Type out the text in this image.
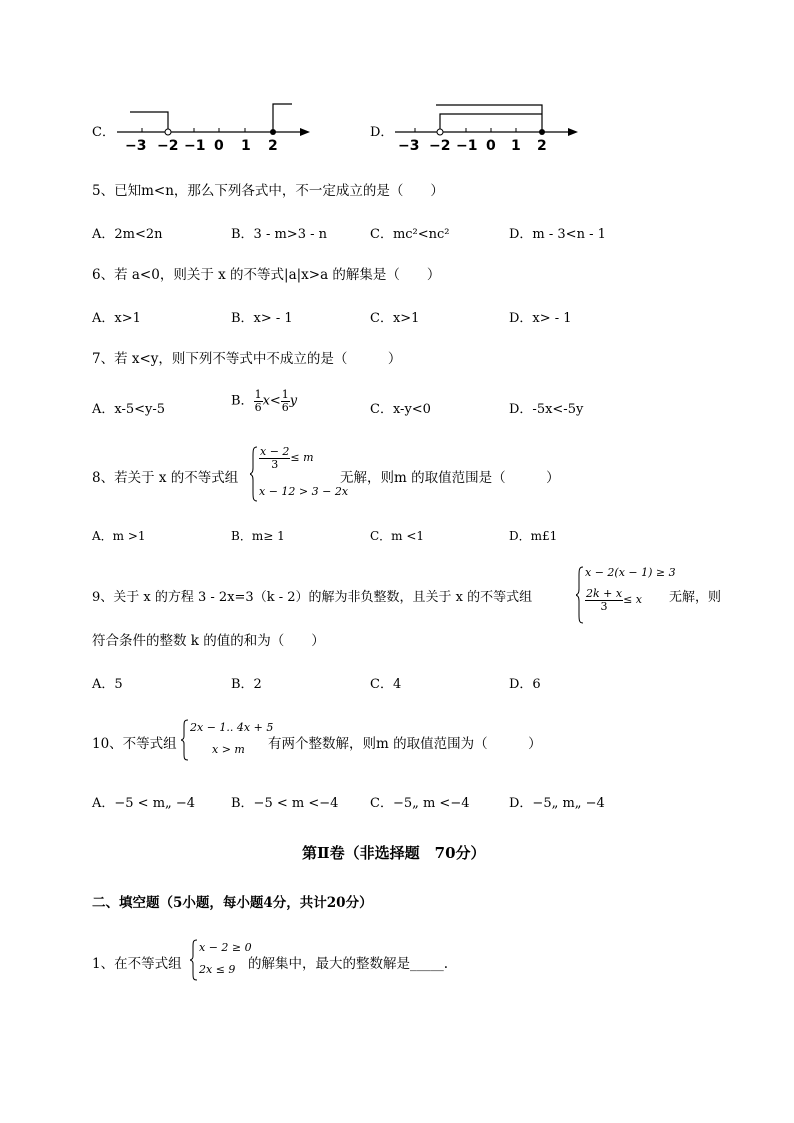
C．
−3 −2 −1 0 1 2
D．
−3 −2 −1 0 1 2
5、已知m<n，那么下列各式中，不一定成立的是（　　）
A．2m<2n	B．3 - m>3 - n	C．mc²<nc²	D．m - 3<n - 1
6、若 a<0，则关于 x 的不等式|a|x>a 的解集是（　　）
A．x>1	B．x> - 1	C．x>1	D．x> - 1
7、若 x<y，则下列不等式中不成立的是（　　　）
A．x-5<y-5
B． $\frac{1}{6} x< \frac{1}{6}$ y
C．x-y<0	D．-5x<-5y
8、若关于 x 的不等式组
$\frac{x - 2}{3} \le m$
x − 12 > 3 − 2x
无解，则m 的取值范围是（　　　）
A．m >1	B．m≥ 1	C．m <1	D．m£1
9、关于 x 的方程 3 - 2x=3（k - 2）的解为非负整数，且关于 x 的不等式组
x − 2(x − 1) ≥ 3
$\frac{2k + x}{3} \le x$ 无解，则
符合条件的整数 k 的值的和为（　　）
A．5	B．2	C．4	D．6
10、不等式组
2x − 1.. 4x + 5
x > m 有两个整数解，则m 的取值范围为（　　　）
A．−5 < m„ −4	B．−5 < m <−4 C．−5„ m <−4	D．−5„ m„ −4
第Ⅱ卷（非选择题　70分）
二、填空题（5小题，每小题4分，共计20分）
1、在不等式组
x − 2 ≥ 0
2x ≤ 9 的解集中，最大的整数解是_____.
